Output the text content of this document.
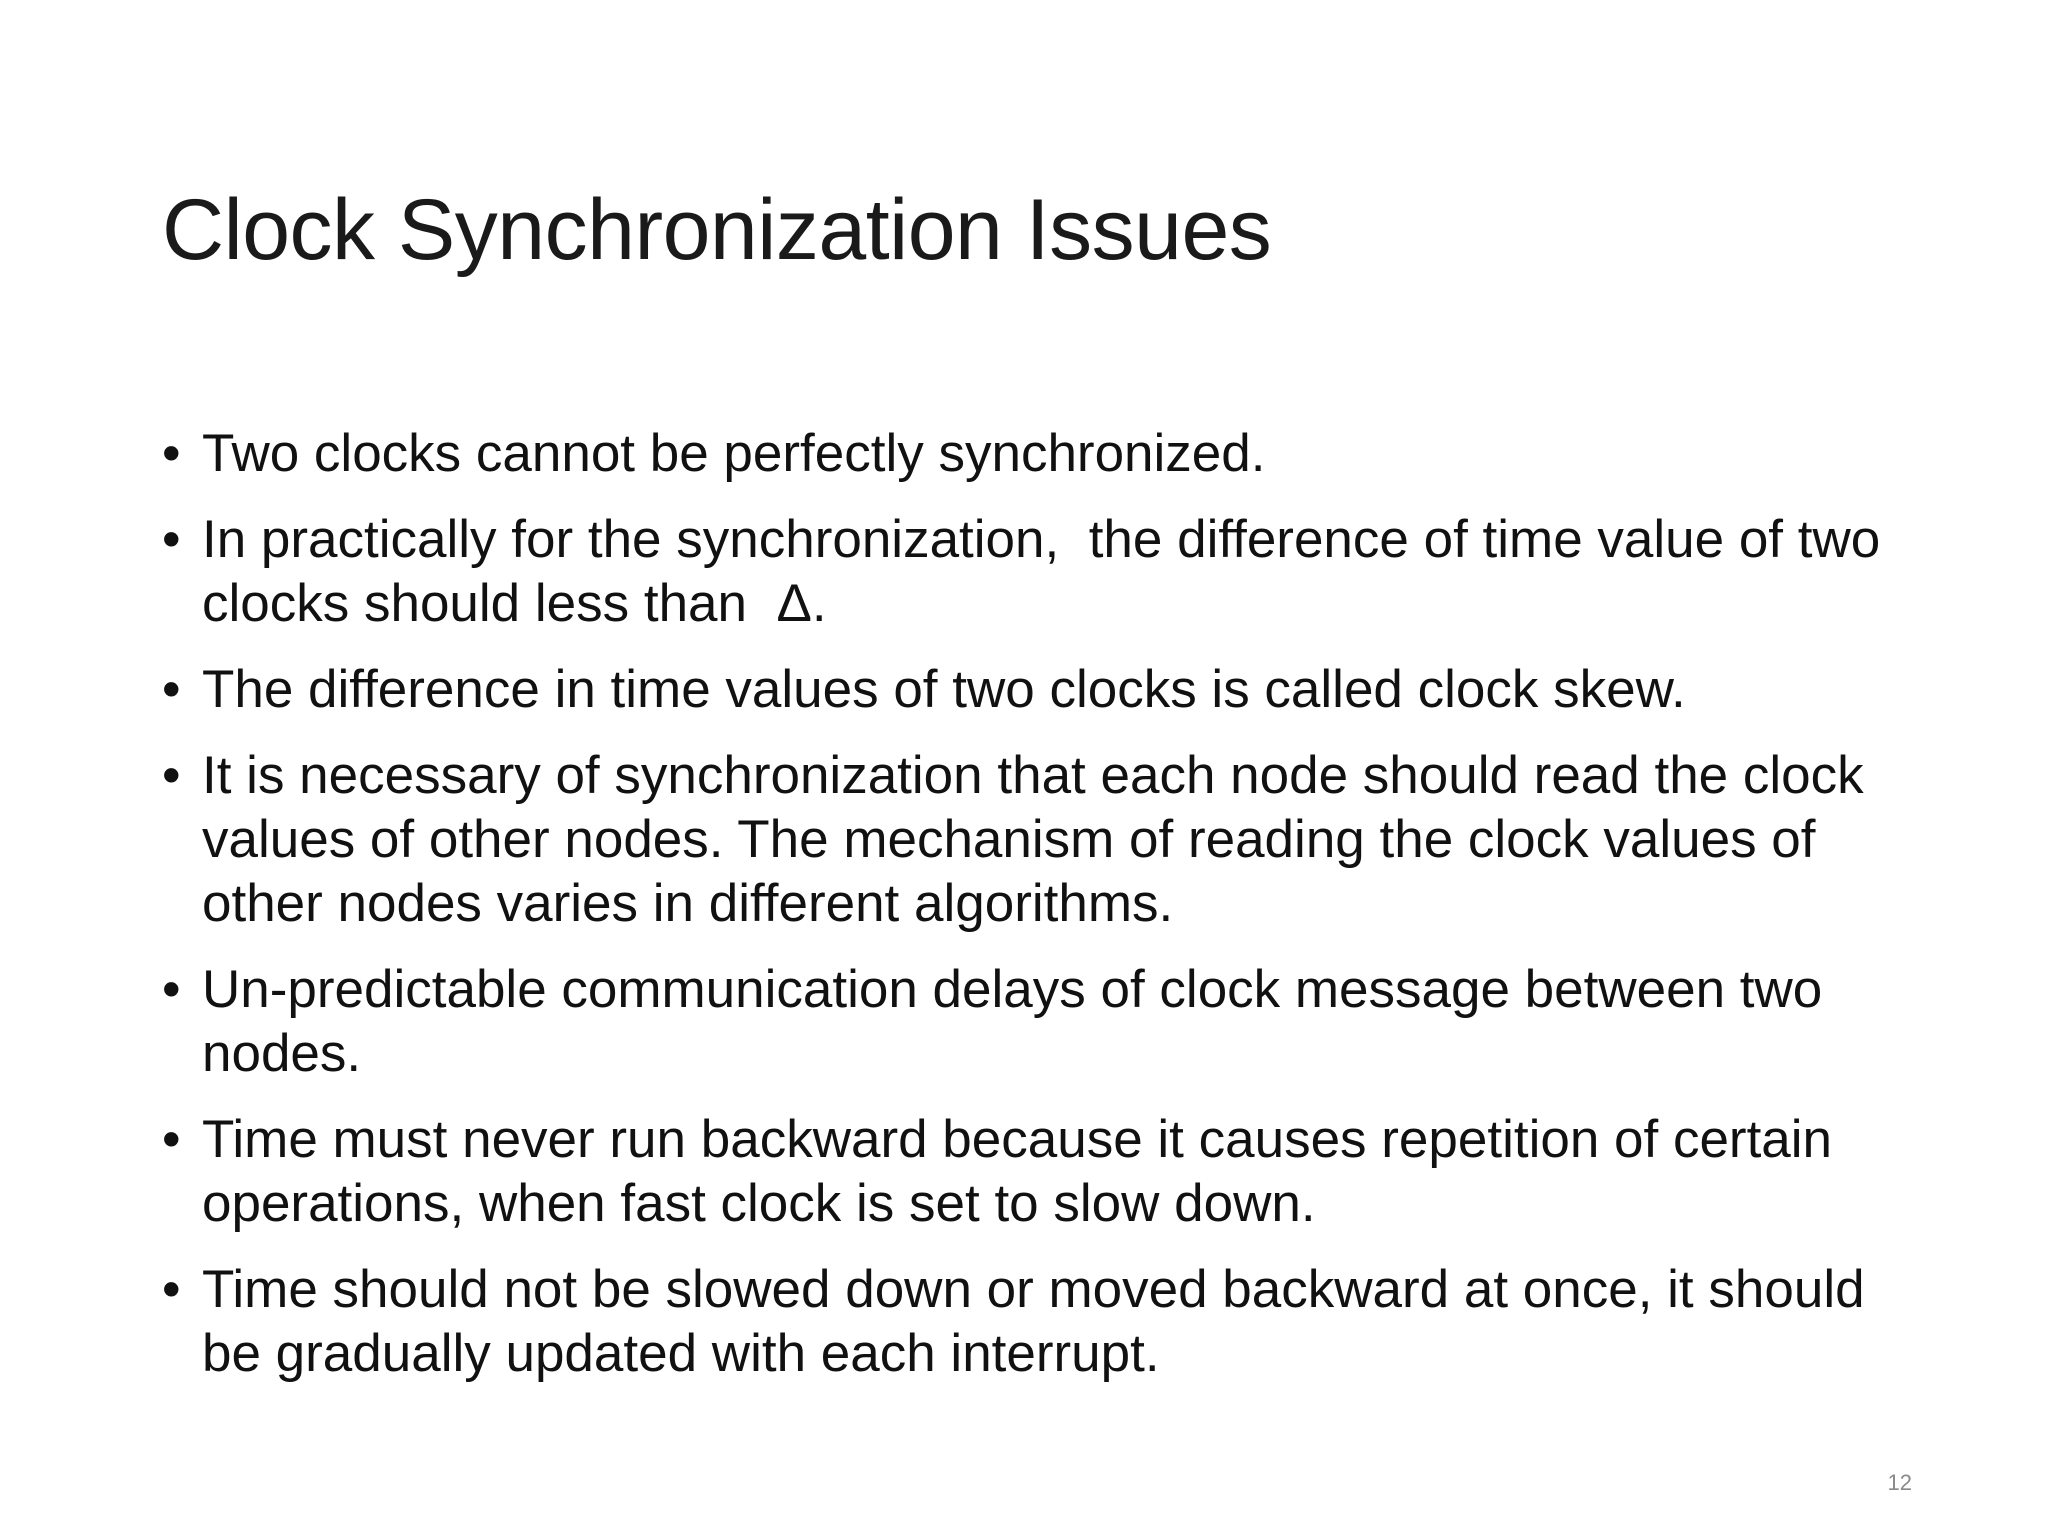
Clock Synchronization Issues
• Two clocks cannot be perfectly synchronized.
• In practically for the synchronization,  the difference of time value of two clocks should less than  Δ.
• The difference in time values of two clocks is called clock skew.
• It is necessary of synchronization that each node should read the clock values of other nodes. The mechanism of reading the clock values of other nodes varies in different algorithms.
• Un-predictable communication delays of clock message between two nodes.
• Time must never run backward because it causes repetition of certain operations, when fast clock is set to slow down.
• Time should not be slowed down or moved backward at once, it should be gradually updated with each interrupt.
12
